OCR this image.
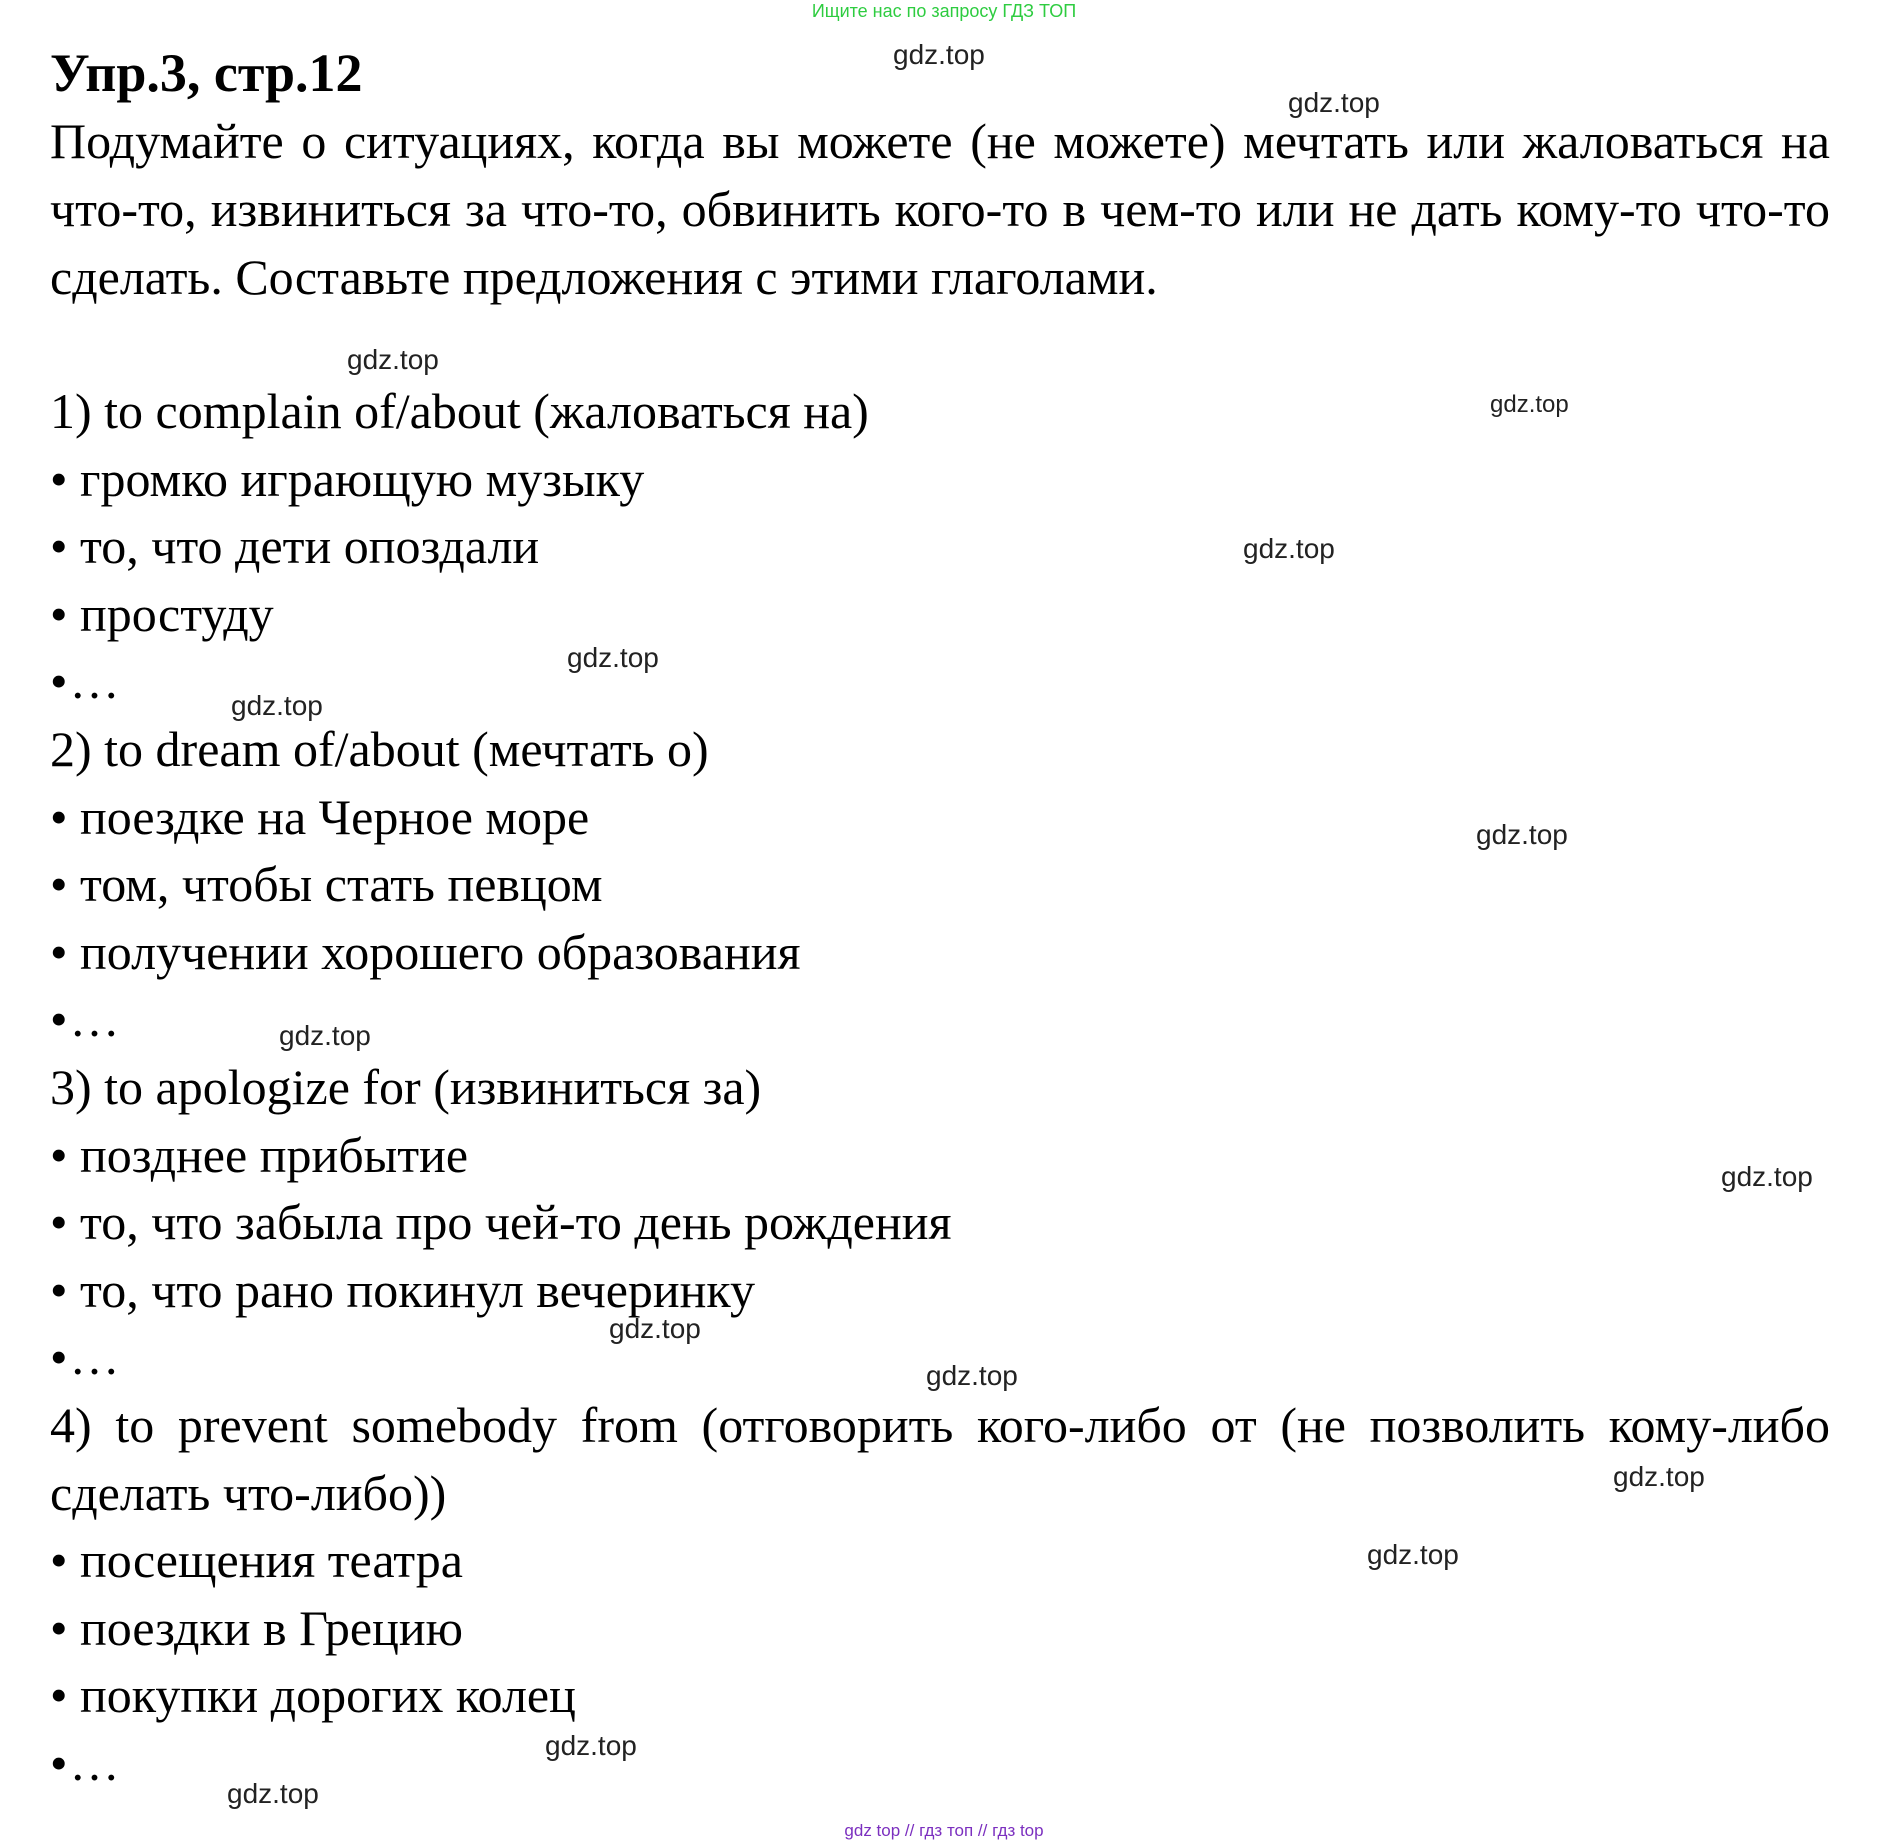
Ищите нас по запросу ГДЗ ТОП
Упр.3, стр.12

Подумайте о ситуациях, когда вы можете (не можете) мечтать или жаловаться на что-то, извиниться за что-то, обвинить кого-то в чем-то или не дать кому-то что-то сделать. Составьте предложения с этими глаголами.

1) to complain of/about (жаловаться на)

• громко играющую музыку

• то, что дети опоздали

• простуду

•…

2) to dream of/about (мечтать о)

• поездке на Черное море

• том, чтобы стать певцом

• получении хорошего образования

•…

3) to apologize for (извиниться за)

• позднее прибытие

• то, что забыла про чей-то день рождения

• то, что рано покинул вечеринку

•…

4) to prevent somebody from (отговорить кого-либо от (не позволить кому-либо сделать что-либо))

• посещения театра

• поездки в Грецию

• покупки дорогих колец

•…

gdz.top
gdz.top
gdz.top
gdz.top
gdz.top
gdz.top
gdz.top
gdz.top
gdz.top
gdz.top
gdz.top
gdz.top
gdz.top
gdz.top
gdz.top
gdz.top
gdz top // гдз топ // гдз top
